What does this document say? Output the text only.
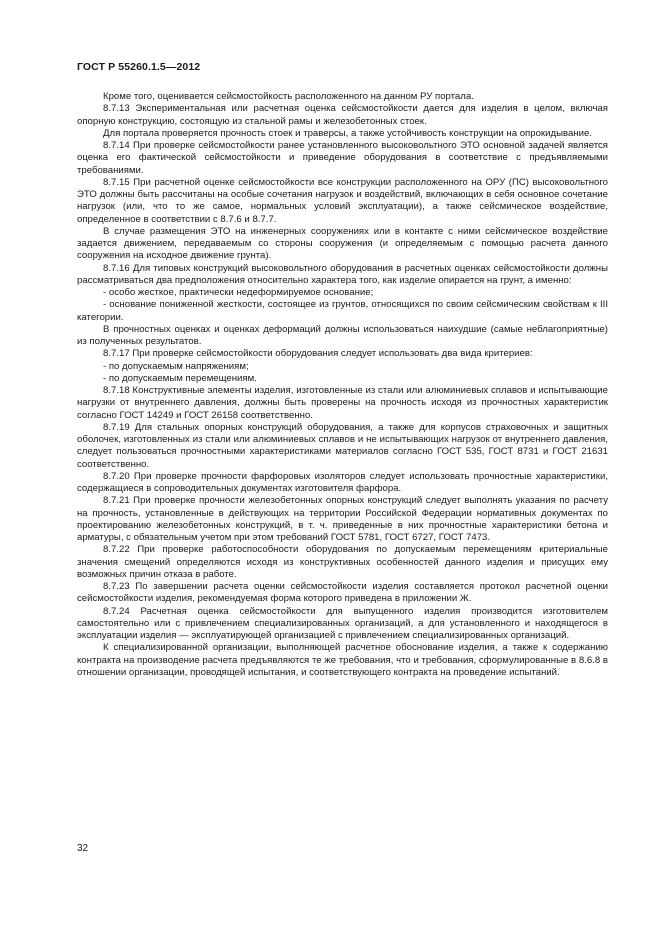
ГОСТ Р 55260.1.5—2012

Кроме того, оценивается сейсмостойкость расположенного на данном РУ портала.

8.7.13 Экспериментальная или расчетная оценка сейсмостойкости дается для изделия в целом, включая опорную конструкцию, состоящую из стальной рамы и железобетонных стоек.

Для портала проверяется прочность стоек и траверсы, а также устойчивость конструкции на опрокидывание.

8.7.14 При проверке сейсмостойкости ранее установленного высоковольтного ЭТО основной задачей является оценка его фактической сейсмостойкости и приведение оборудования в соответствие с предъявляемыми требованиями.

8.7.15 При расчетной оценке сейсмостойкости все конструкции расположенного на ОРУ (ПС) высоковольтного ЭТО должны быть рассчитаны на особые сочетания нагрузок и воздействий, включающих в себя основное сочетание нагрузок (или, что то же самое, нормальных условий эксплуатации), а также сейсмическое воздействие, определенное в соответствии с 8.7.6 и 8.7.7.

В случае размещения ЭТО на инженерных сооружениях или в контакте с ними сейсмическое воздействие задается движением, передаваемым со стороны сооружения (и определяемым с помощью расчета данного сооружения на исходное движение грунта).

8.7.16 Для типовых конструкций высоковольтного оборудования в расчетных оценках сейсмостойкости должны рассматриваться два предположения относительно характера того, как изделие опирается на грунт, а именно:

- особо жесткое, практически недеформируемое основание;

- основание пониженной жесткости, состоящее из грунтов, относящихся по своим сейсмическим свойствам к III категории.

В прочностных оценках и оценках деформаций должны использоваться наихудшие (самые неблагоприятные) из полученных результатов.

8.7.17 При проверке сейсмостойкости оборудования следует использовать два вида критериев:

- по допускаемым напряжениям;

- по допускаемым перемещениям.

8.7.18 Конструктивные элементы изделия, изготовленные из стали или алюминиевых сплавов и испытывающие нагрузки от внутреннего давления, должны быть проверены на прочность исходя из прочностных характеристик согласно ГОСТ 14249 и ГОСТ 26158 соответственно.

8.7.19 Для стальных опорных конструкций оборудования, а также для корпусов страховочных и защитных оболочек, изготовленных из стали или алюминиевых сплавов и не испытывающих нагрузок от внутреннего давления, следует пользоваться прочностными характеристиками материалов согласно ГОСТ 535, ГОСТ 8731 и ГОСТ 21631 соответственно.

8.7.20 При проверке прочности фарфоровых изоляторов следует использовать прочностные характеристики, содержащиеся в сопроводительных документах изготовителя фарфора.

8.7.21 При проверке прочности железобетонных опорных конструкций следует выполнять указания по расчету на прочность, установленные в действующих на территории Российской Федерации нормативных документах по проектированию железобетонных конструкций, в т. ч. приведенные в них прочностные характеристики бетона и арматуры, с обязательным учетом при этом требований ГОСТ 5781, ГОСТ 6727, ГОСТ 7473.

8.7.22 При проверке работоспособности оборудования по допускаемым перемещениям критериальные значения смещений определяются исходя из конструктивных особенностей данного изделия и присущих ему возможных причин отказа в работе.

8.7.23 По завершении расчета оценки сейсмостойкости изделия составляется протокол расчетной оценки сейсмостойкости изделия, рекомендуемая форма которого приведена в приложении Ж.

8.7.24 Расчетная оценка сейсмостойкости для выпущенного изделия производится изготовителем самостоятельно или с привлечением специализированных организаций, а для установленного и находящегося в эксплуатации изделия — эксплуатирующей организацией с привлечением специализированных организаций.

К специализированной организации, выполняющей расчетное обоснование изделия, а также к содержанию контракта на производение расчета предъявляются те же требования, что и требования, сформулированные в 8.6.8 в отношении организации, проводящей испытания, и соответствующего контракта на проведение испытаний.

32
